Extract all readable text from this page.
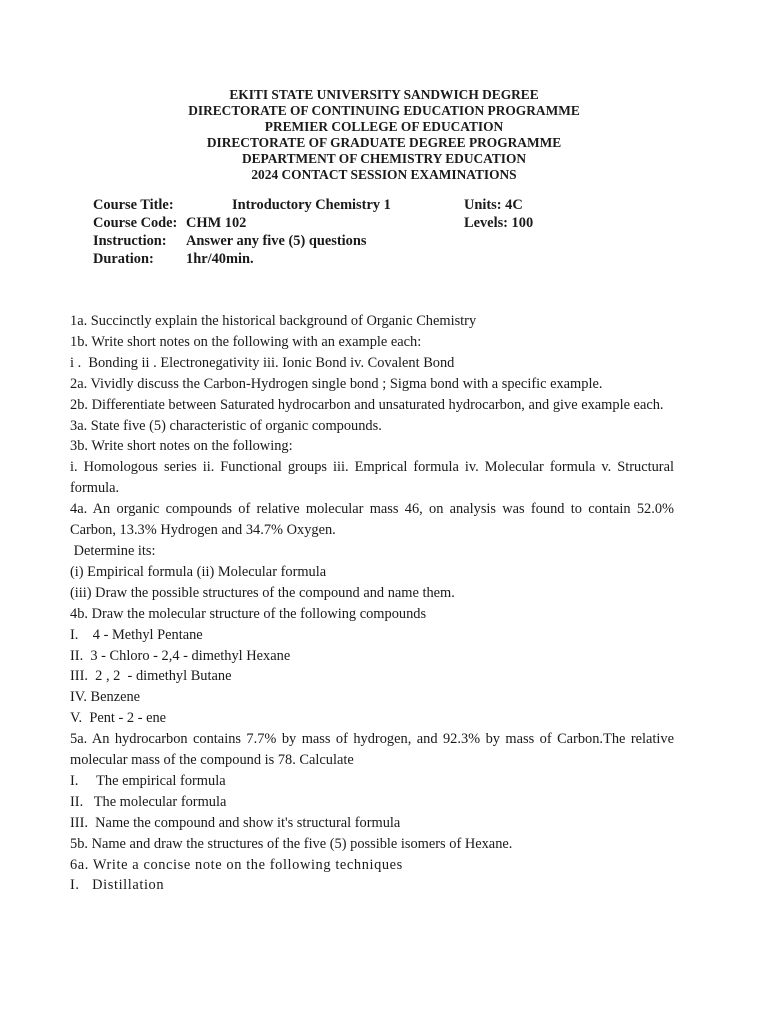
EKITI STATE UNIVERSITY SANDWICH DEGREE
DIRECTORATE OF CONTINUING EDUCATION PROGRAMME
PREMIER COLLEGE OF EDUCATION
DIRECTORATE OF GRADUATE DEGREE PROGRAMME
DEPARTMENT OF CHEMISTRY EDUCATION
2024 CONTACT SESSION EXAMINATIONS
Course Title:	Introductory Chemistry 1	Units: 4C
Course Code: CHM 102	Levels: 100
Instruction: Answer any five (5) questions
Duration: 1hr/40min.

1a. Succinctly explain the historical background of Organic Chemistry

1b. Write short notes on the following with an example each:

i .  Bonding ii . Electronegativity iii. Ionic Bond iv. Covalent Bond

2a. Vividly discuss the Carbon-Hydrogen single bond ; Sigma bond with a specific example.

2b. Differentiate between Saturated hydrocarbon and unsaturated hydrocarbon, and give example each.

3a. State five (5) characteristic of organic compounds.

3b. Write short notes on the following:

i. Homologous series ii. Functional groups iii. Emprical formula iv. Molecular formula v. Structural formula.

4a. An organic compounds of relative molecular mass 46, on analysis was found to contain 52.0% Carbon, 13.3% Hydrogen and 34.7% Oxygen.

Determine its:

(i) Empirical formula (ii) Molecular formula

(iii) Draw the possible structures of the compound and name them.

4b. Draw the molecular structure of the following compounds

I.    4 - Methyl Pentane

II.  3 - Chloro - 2,4 - dimethyl Hexane

III.  2 , 2  - dimethyl Butane

IV. Benzene

V.  Pent - 2 - ene

5a. An hydrocarbon contains 7.7% by mass of hydrogen, and 92.3% by mass of Carbon.The relative molecular mass of the compound is 78. Calculate

I.     The empirical formula

II.   The molecular formula

III.  Name the compound and show it's structural formula

5b. Name and draw the structures of the five (5) possible isomers of Hexane.

6a. Write a concise note on the following techniques

I.   Distillation
